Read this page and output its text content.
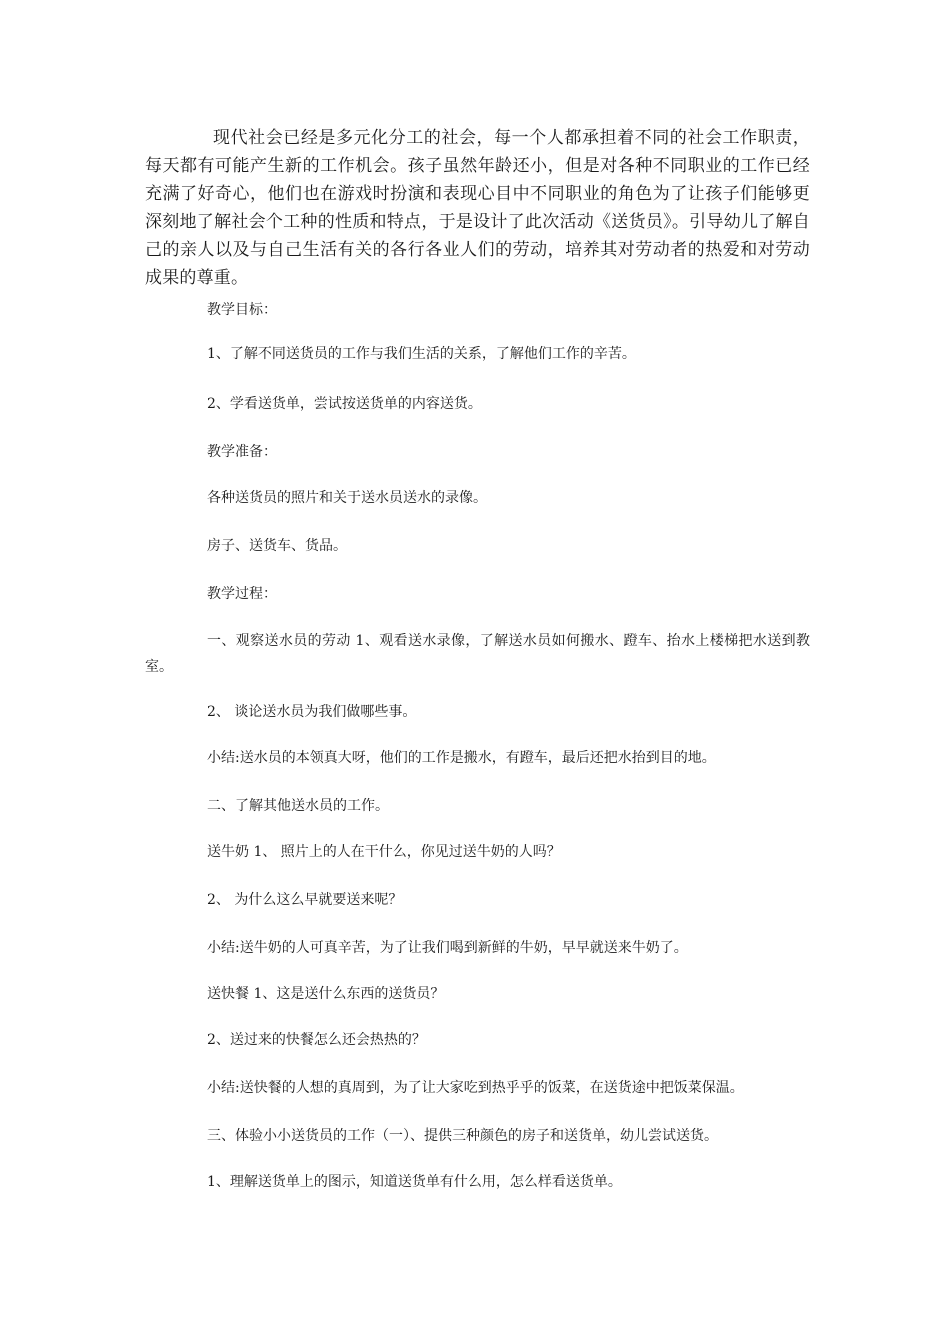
现代社会已经是多元化分工的社会，每一个人都承担着不同的社会工作职责，每天都有可能产生新的工作机会。孩子虽然年龄还小，但是对各种不同职业的工作已经充满了好奇心，他们也在游戏时扮演和表现心目中不同职业的角色为了让孩子们能够更深刻地了解社会个工种的性质和特点，于是设计了此次活动《送货员》。引导幼儿了解自己的亲人以及与自己生活有关的各行各业人们的劳动，培养其对劳动者的热爱和对劳动成果的尊重。

教学目标：

1、了解不同送货员的工作与我们生活的关系，了解他们工作的辛苦。

2、学看送货单，尝试按送货单的内容送货。

教学准备：

各种送货员的照片和关于送水员送水的录像。

房子、送货车、货品。

教学过程：

一、观察送水员的劳动 1、观看送水录像，了解送水员如何搬水、蹬车、抬水上楼梯把水送到教室。

2、 谈论送水员为我们做哪些事。

小结:送水员的本领真大呀，他们的工作是搬水，有蹬车，最后还把水抬到目的地。

二、了解其他送水员的工作。

送牛奶 1、 照片上的人在干什么，你见过送牛奶的人吗？

2、 为什么这么早就要送来呢？

小结:送牛奶的人可真辛苦，为了让我们喝到新鲜的牛奶，早早就送来牛奶了。

送快餐 1、这是送什么东西的送货员？

2、送过来的快餐怎么还会热热的？

小结:送快餐的人想的真周到，为了让大家吃到热乎乎的饭菜，在送货途中把饭菜保温。

三、体验小小送货员的工作（一）、提供三种颜色的房子和送货单，幼儿尝试送货。

1、理解送货单上的图示，知道送货单有什么用，怎么样看送货单。
